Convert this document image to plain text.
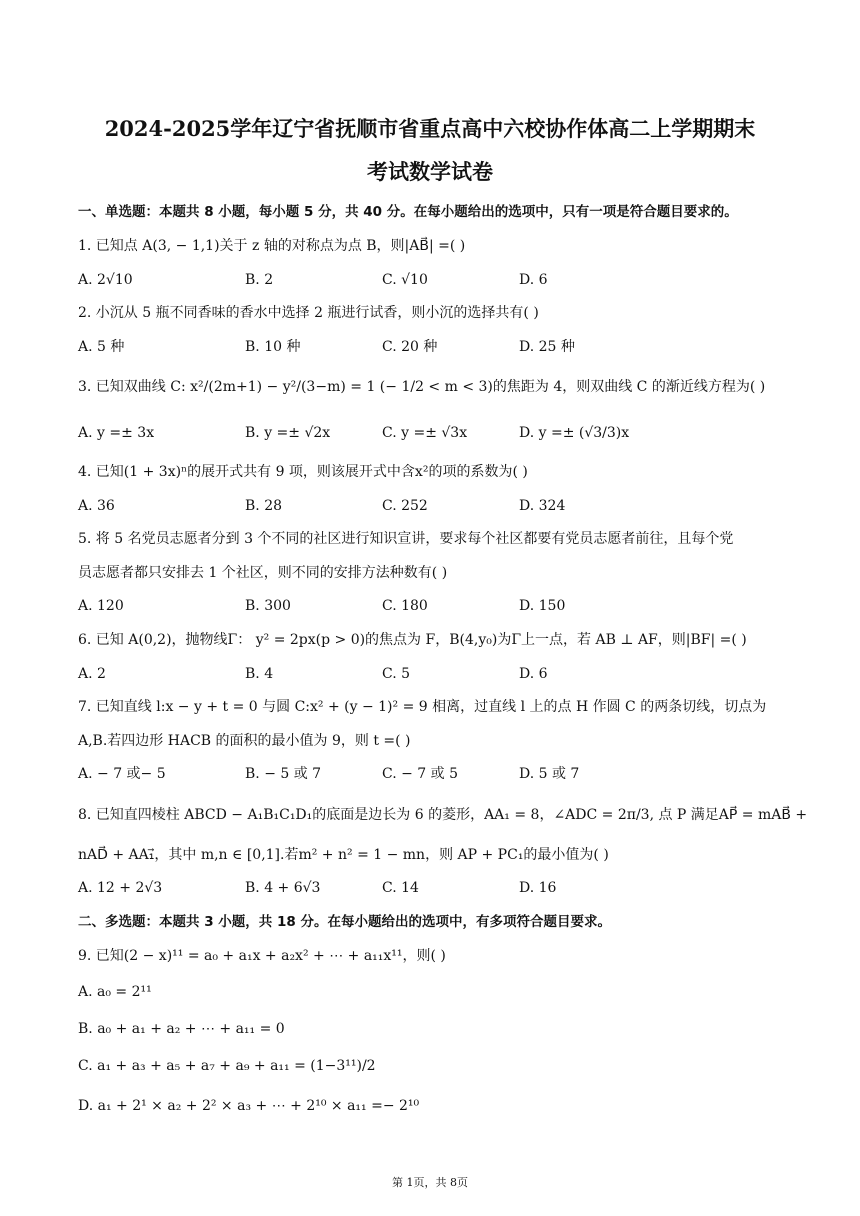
2024-2025学年辽宁省抚顺市省重点高中六校协作体高二上学期期末
考试数学试卷
一、单选题：本题共 8 小题，每小题 5 分，共 40 分。在每小题给出的选项中，只有一项是符合题目要求的。
1. 已知点 A(3, − 1,1)关于 z 轴的对称点为点 B，则|AB⃗| =( )
A. 2√10	B. 2	C. √10	D. 6
2. 小沉从 5 瓶不同香味的香水中选择 2 瓶进行试香，则小沉的选择共有( )
A. 5 种	B. 10 种	C. 20 种	D. 25 种
3. 已知双曲线 C: x²/(2m+1) − y²/(3−m) = 1 (− 1/2 < m < 3)的焦距为 4，则双曲线 C 的渐近线方程为( )
A. y =± 3x	B. y =± √2x	C. y =± √3x	D. y =± (√3/3)x
4. 已知(1 + 3x)ⁿ的展开式共有 9 项，则该展开式中含x²的项的系数为( )
A. 36	B. 28	C. 252	D. 324
5. 将 5 名党员志愿者分到 3 个不同的社区进行知识宣讲，要求每个社区都要有党员志愿者前往，且每个党
员志愿者都只安排去 1 个社区，则不同的安排方法种数有( )
A. 120	B. 300	C. 180	D. 150
6. 已知 A(0,2)，抛物线Γ： y² = 2px(p > 0)的焦点为 F，B(4,y₀)为Γ上一点，若 AB ⊥ AF，则|BF| =( )
A. 2	B. 4	C. 5	D. 6
7. 已知直线 l:x − y + t = 0 与圆 C:x² + (y − 1)² = 9 相离，过直线 l 上的点 H 作圆 C 的两条切线，切点为
A,B.若四边形 HACB 的面积的最小值为 9，则 t =( )
A. − 7 或− 5	B. − 5 或 7	C. − 7 或 5	D. 5 或 7
8. 已知直四棱柱 ABCD − A₁B₁C₁D₁的底面是边长为 6 的菱形，AA₁ = 8，∠ADC = 2π/3, 点 P 满足AP⃗ = mAB⃗ +
nAD⃗ + AA₁⃗，其中 m,n ∈ [0,1].若m² + n² = 1 − mn，则 AP + PC₁的最小值为( )
A. 12 + 2√3	B. 4 + 6√3	C. 14	D. 16
二、多选题：本题共 3 小题，共 18 分。在每小题给出的选项中，有多项符合题目要求。
9. 已知(2 − x)¹¹ = a₀ + a₁x + a₂x² + ⋯ + a₁₁x¹¹，则( )
A. a₀ = 2¹¹
B. a₀ + a₁ + a₂ + ⋯ + a₁₁ = 0
C. a₁ + a₃ + a₅ + a₇ + a₉ + a₁₁ = (1−3¹¹)/2
D. a₁ + 2¹ × a₂ + 2² × a₃ + ⋯ + 2¹⁰ × a₁₁ =− 2¹⁰
第 1页，共 8页
